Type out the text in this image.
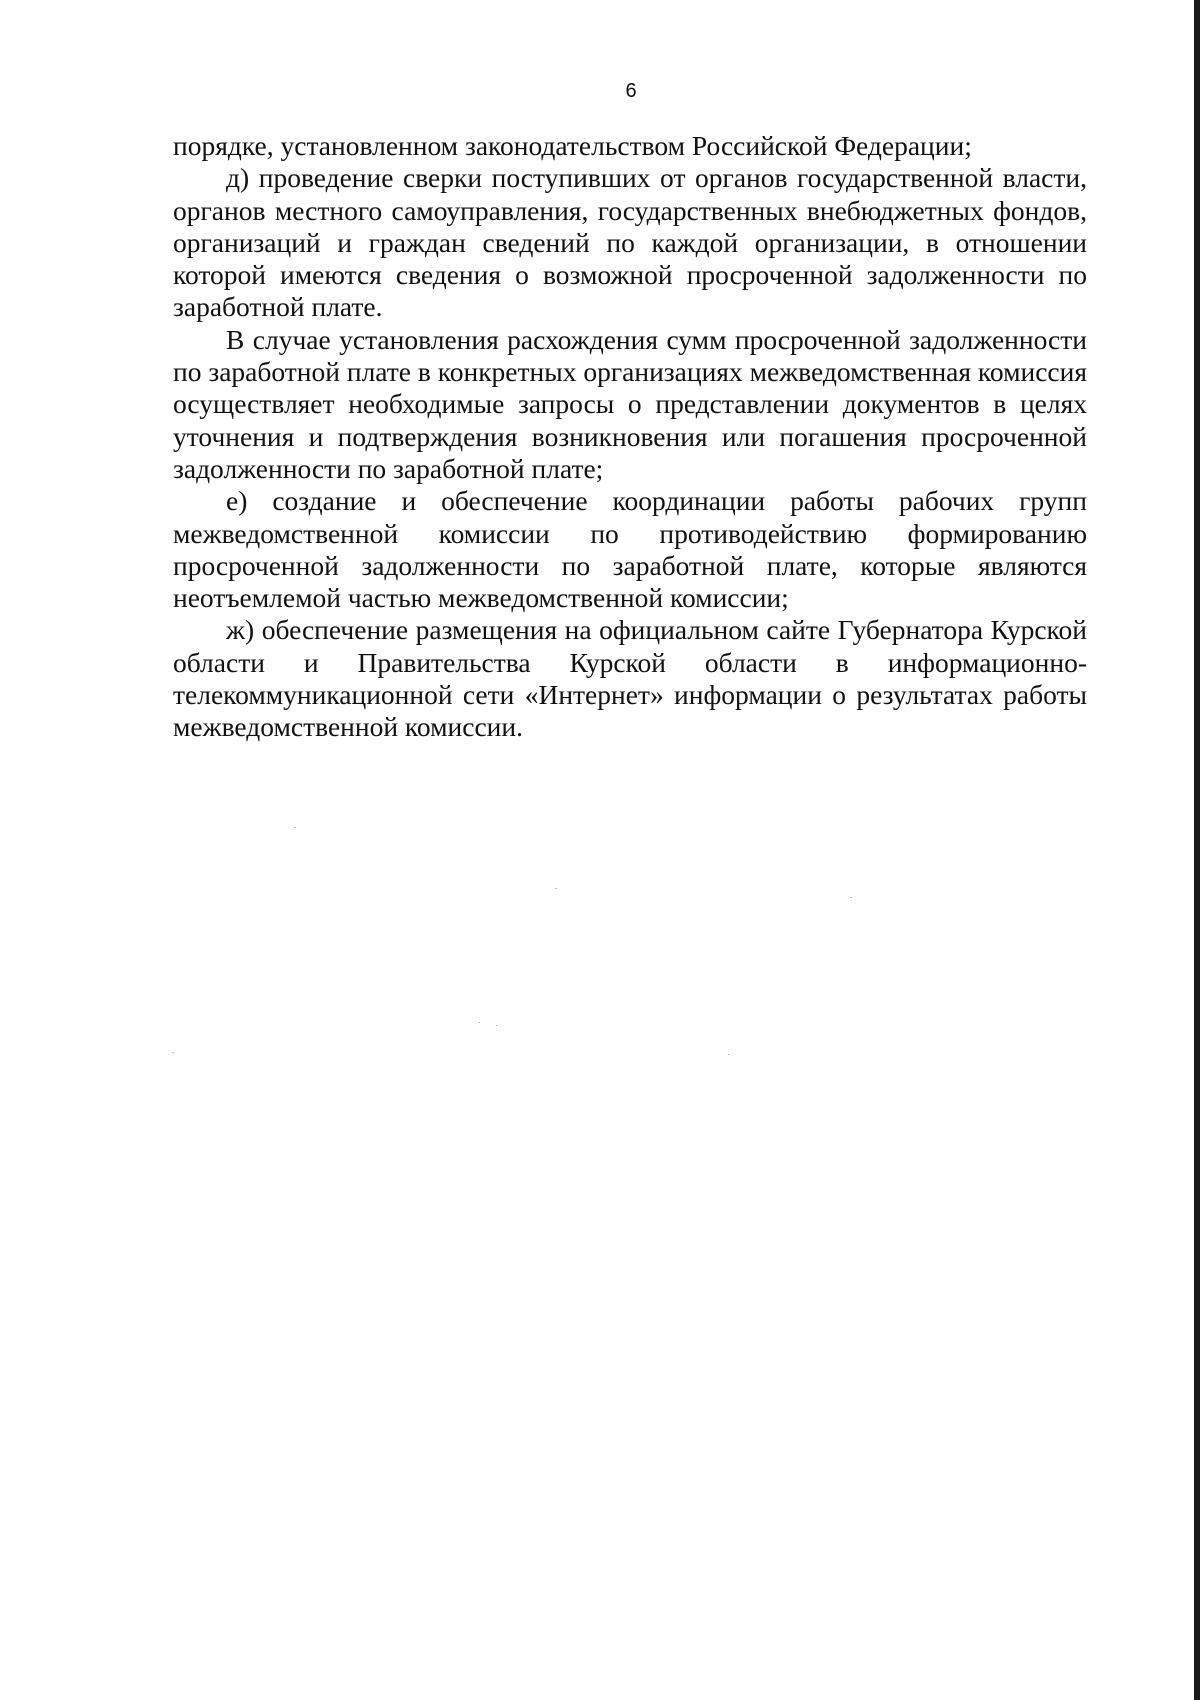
6

порядке, установленном законодательством Российской Федерации;

д) проведение сверки поступивших от органов государственной власти, органов местного самоуправления, государственных внебюджетных фондов, организаций и граждан сведений по каждой организации, в отношении которой имеются сведения о возможной просроченной задолженности по заработной плате.

В случае установления расхождения сумм просроченной задолженности по заработной плате в конкретных организациях межведомственная комиссия осуществляет необходимые запросы о представлении документов в целях уточнения и подтверждения возникновения или погашения просроченной задолженности по заработной плате;

е) создание и обеспечение координации работы рабочих групп межведомственной комиссии по противодействию формированию просроченной задолженности по заработной плате, которые являются неотъемлемой частью межведомственной комиссии;

ж) обеспечение размещения на официальном сайте Губернатора Курской области и Правительства Курской области в информационно-телекоммуникационной сети «Интернет» информации о результатах работы межведомственной комиссии.
